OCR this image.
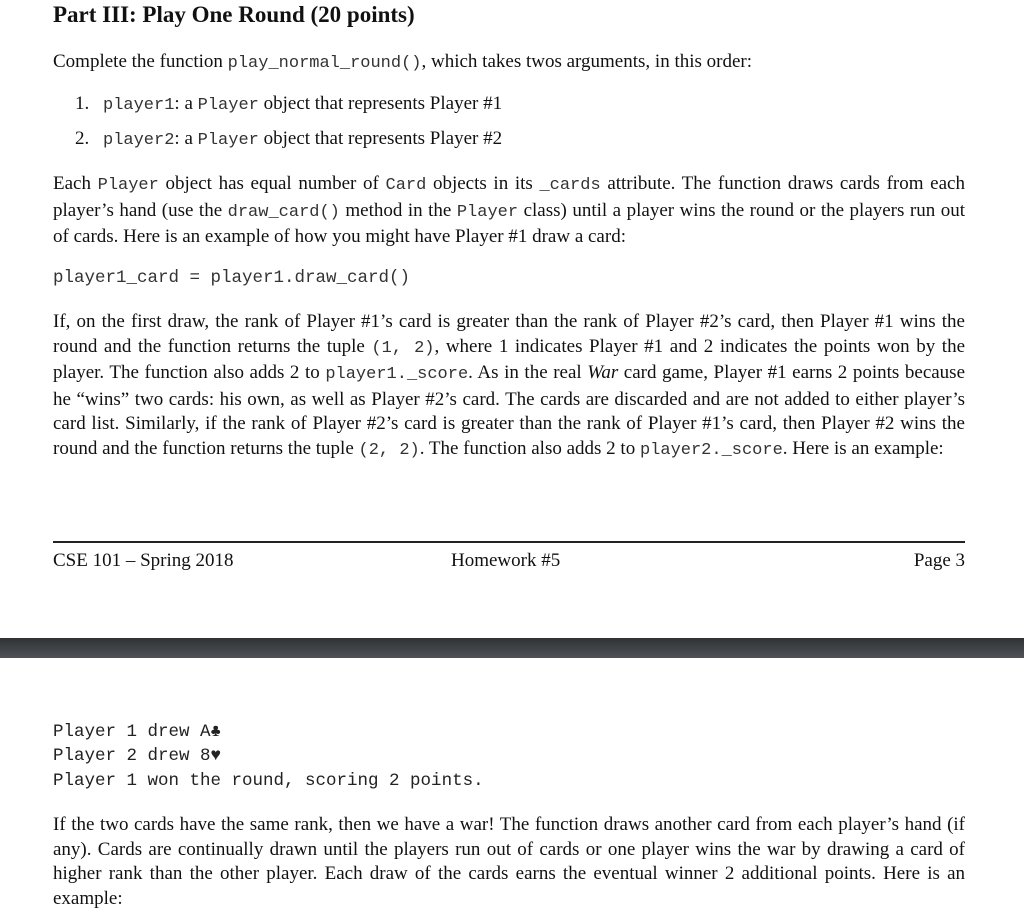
Part III: Play One Round (20 points)
Complete the function play_normal_round(), which takes twos arguments, in this order:
1. player1: a Player object that represents Player #1
2. player2: a Player object that represents Player #2
Each Player object has equal number of Card objects in its _cards attribute. The function draws cards from each player’s hand (use the draw_card() method in the Player class) until a player wins the round or the players run out of cards. Here is an example of how you might have Player #1 draw a card:
player1_card = player1.draw_card()
If, on the first draw, the rank of Player #1’s card is greater than the rank of Player #2’s card, then Player #1 wins the round and the function returns the tuple (1, 2), where 1 indicates Player #1 and 2 indicates the points won by the player. The function also adds 2 to player1._score. As in the real War card game, Player #1 earns 2 points because he “wins” two cards: his own, as well as Player #2’s card. The cards are discarded and are not added to either player’s card list. Similarly, if the rank of Player #2’s card is greater than the rank of Player #1’s card, then Player #2 wins the round and the function returns the tuple (2, 2). The function also adds 2 to player2._score. Here is an example:
CSE 101 – Spring 2018	Homework #5	Page 3
Player 1 drew A♣
Player 2 drew 8♥
Player 1 won the round, scoring 2 points.
If the two cards have the same rank, then we have a war! The function draws another card from each player’s hand (if any). Cards are continually drawn until the players run out of cards or one player wins the war by drawing a card of higher rank than the other player. Each draw of the cards earns the eventual winner 2 additional points. Here is an example:
